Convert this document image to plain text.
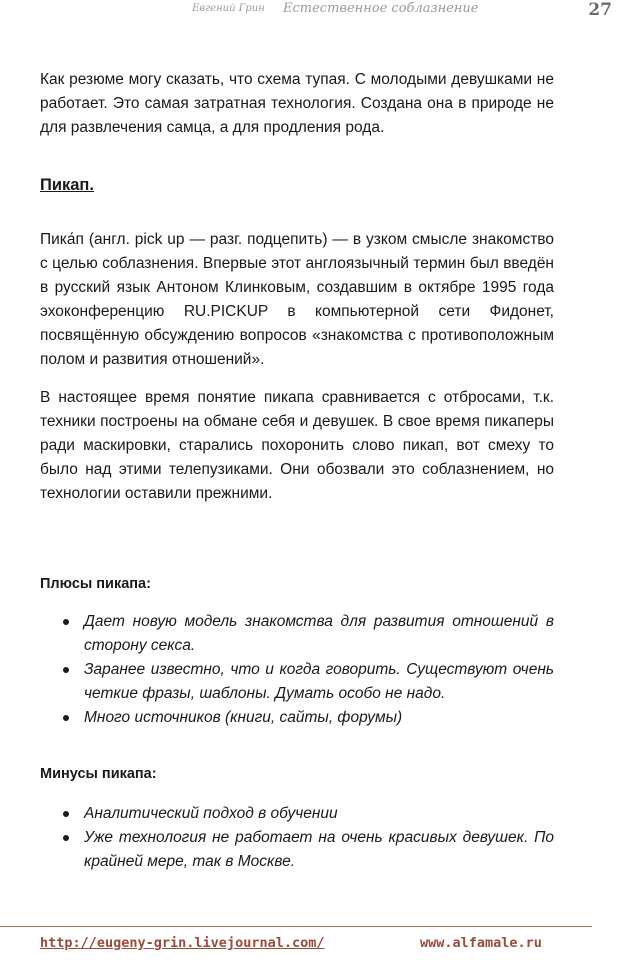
Евгений Грин Естественное соблазнение	27

Как резюме могу сказать, что схема тупая. С молодыми девушками не работает. Это самая затратная технология. Создана она в природе не для развлечения самца, а для продления рода.

Пикап.

Пика́п (англ. pick up — разг. подцепить) — в узком смысле знакомство с целью соблазнения. Впервые этот англоязычный термин был введён в русский язык Антоном Клинковым, создавшим в октябре 1995 года эхоконференцию RU.PICKUP в компьютерной сети Фидонет, посвящённую обсуждению вопросов «знакомства с противоположным полом и развития отношений».

В настоящее время понятие пикапа сравнивается с отбросами, т.к. техники построены на обмане себя и девушек. В свое время пикаперы ради маскировки, старались похоронить слово пикап, вот смеху то было над этими телепузиками. Они обозвали это соблазнением, но технологии оставили прежними.

Плюсы пикапа:
Дает новую модель знакомства для развития отношений в сторону секса.
Заранее известно, что и когда говорить. Существуют очень четкие фразы, шаблоны. Думать особо не надо.
Много источников (книги, сайты, форумы)
Минусы пикапа:
Аналитический подход в обучении
Уже технология не работает на очень красивых девушек. По крайней мере, так в Москве.
http://eugeny-grin.livejournal.com/	www.alfamale.ru
